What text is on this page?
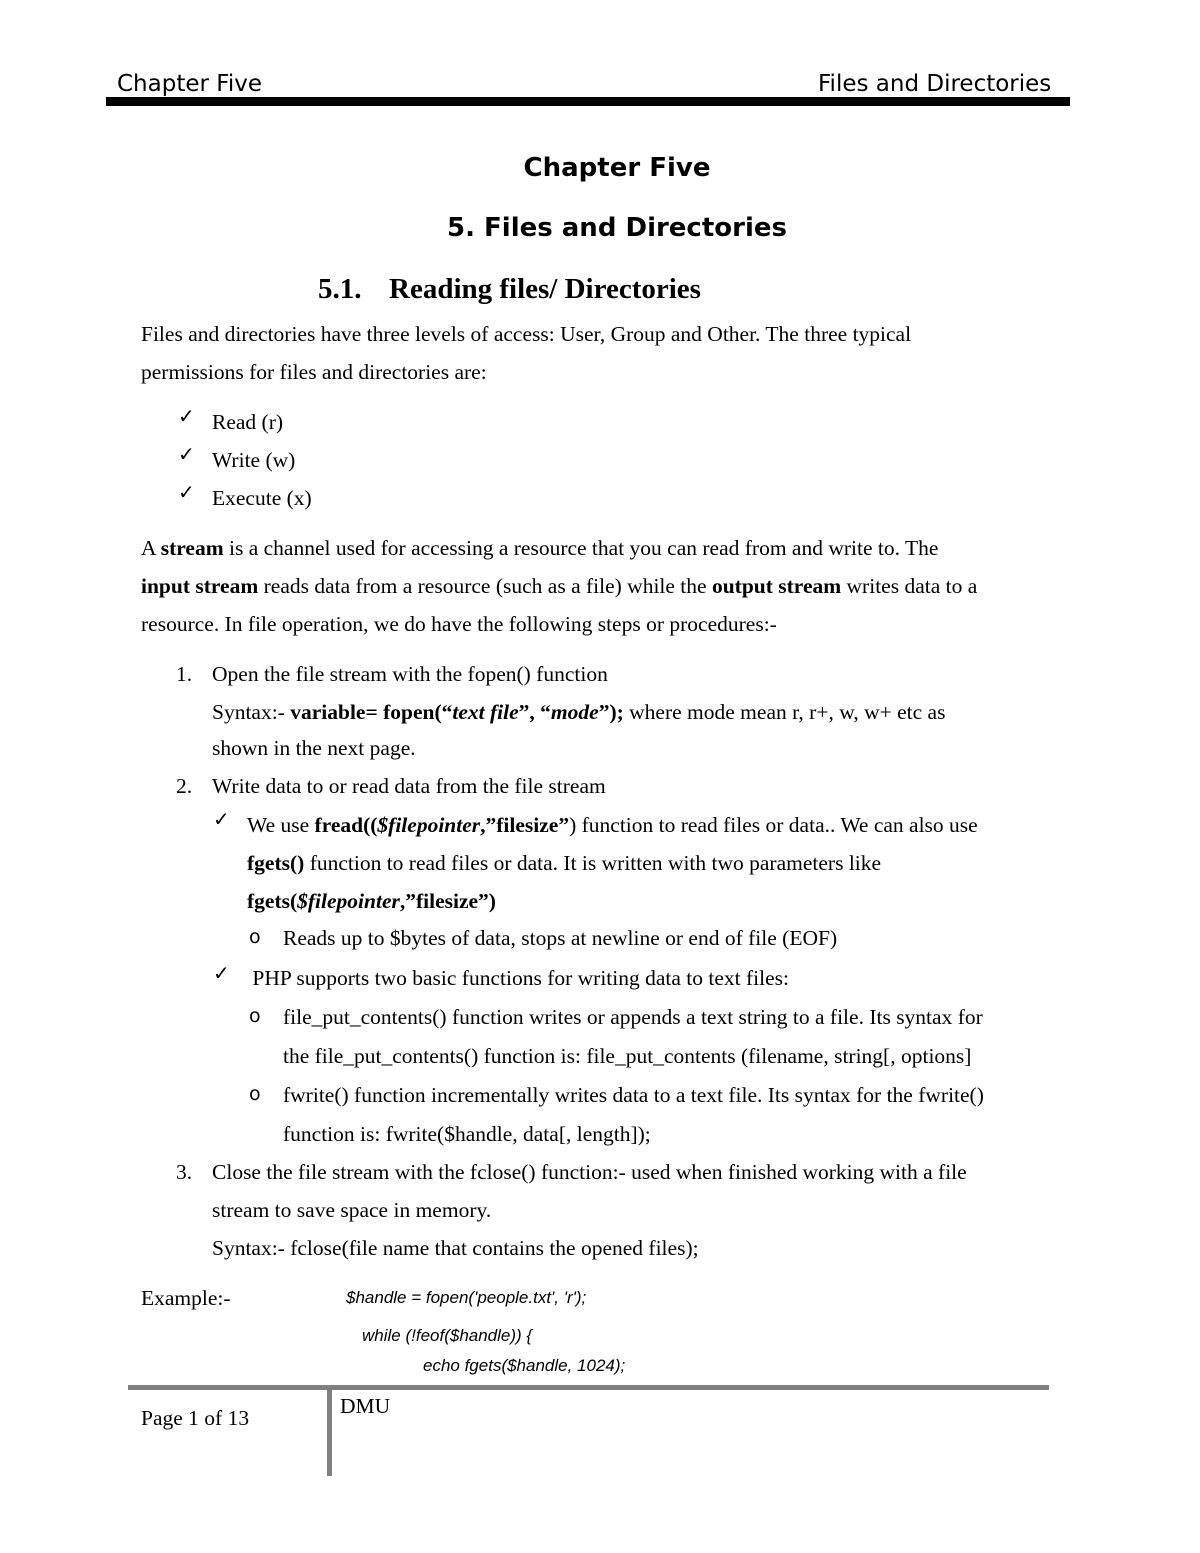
Chapter Five	Files and Directories
Chapter Five
5. Files and Directories
5.1. Reading files/ Directories
Files and directories have three levels of access: User, Group and Other. The three typical
permissions for files and directories are:
✓ Read (r)
✓ Write (w)
✓ Execute (x)
A stream is a channel used for accessing a resource that you can read from and write to. The
input stream reads data from a resource (such as a file) while the output stream writes data to a
resource. In file operation, we do have the following steps or procedures:-
1. Open the file stream with the fopen() function
Syntax:- variable= fopen(“text file”, “mode”); where mode mean r, r+, w, w+ etc as
shown in the next page.
2. Write data to or read data from the file stream
✓ We use fread(($filepointer,”filesize”) function to read files or data.. We can also use
fgets() function to read files or data. It is written with two parameters like
fgets($filepointer,”filesize”)
o Reads up to $bytes of data, stops at newline or end of file (EOF)
✓ PHP supports two basic functions for writing data to text files:
o file_put_contents() function writes or appends a text string to a file. Its syntax for
the file_put_contents() function is: file_put_contents (filename, string[, options]
o fwrite() function incrementally writes data to a text file. Its syntax for the fwrite()
function is: fwrite($handle, data[, length]);
3. Close the file stream with the fclose() function:- used when finished working with a file
stream to save space in memory.
Syntax:- fclose(file name that contains the opened files);
Example:-	$handle = fopen('people.txt', 'r');
while (!feof($handle)) {
echo fgets($handle, 1024);
Page 1 of 13	DMU
